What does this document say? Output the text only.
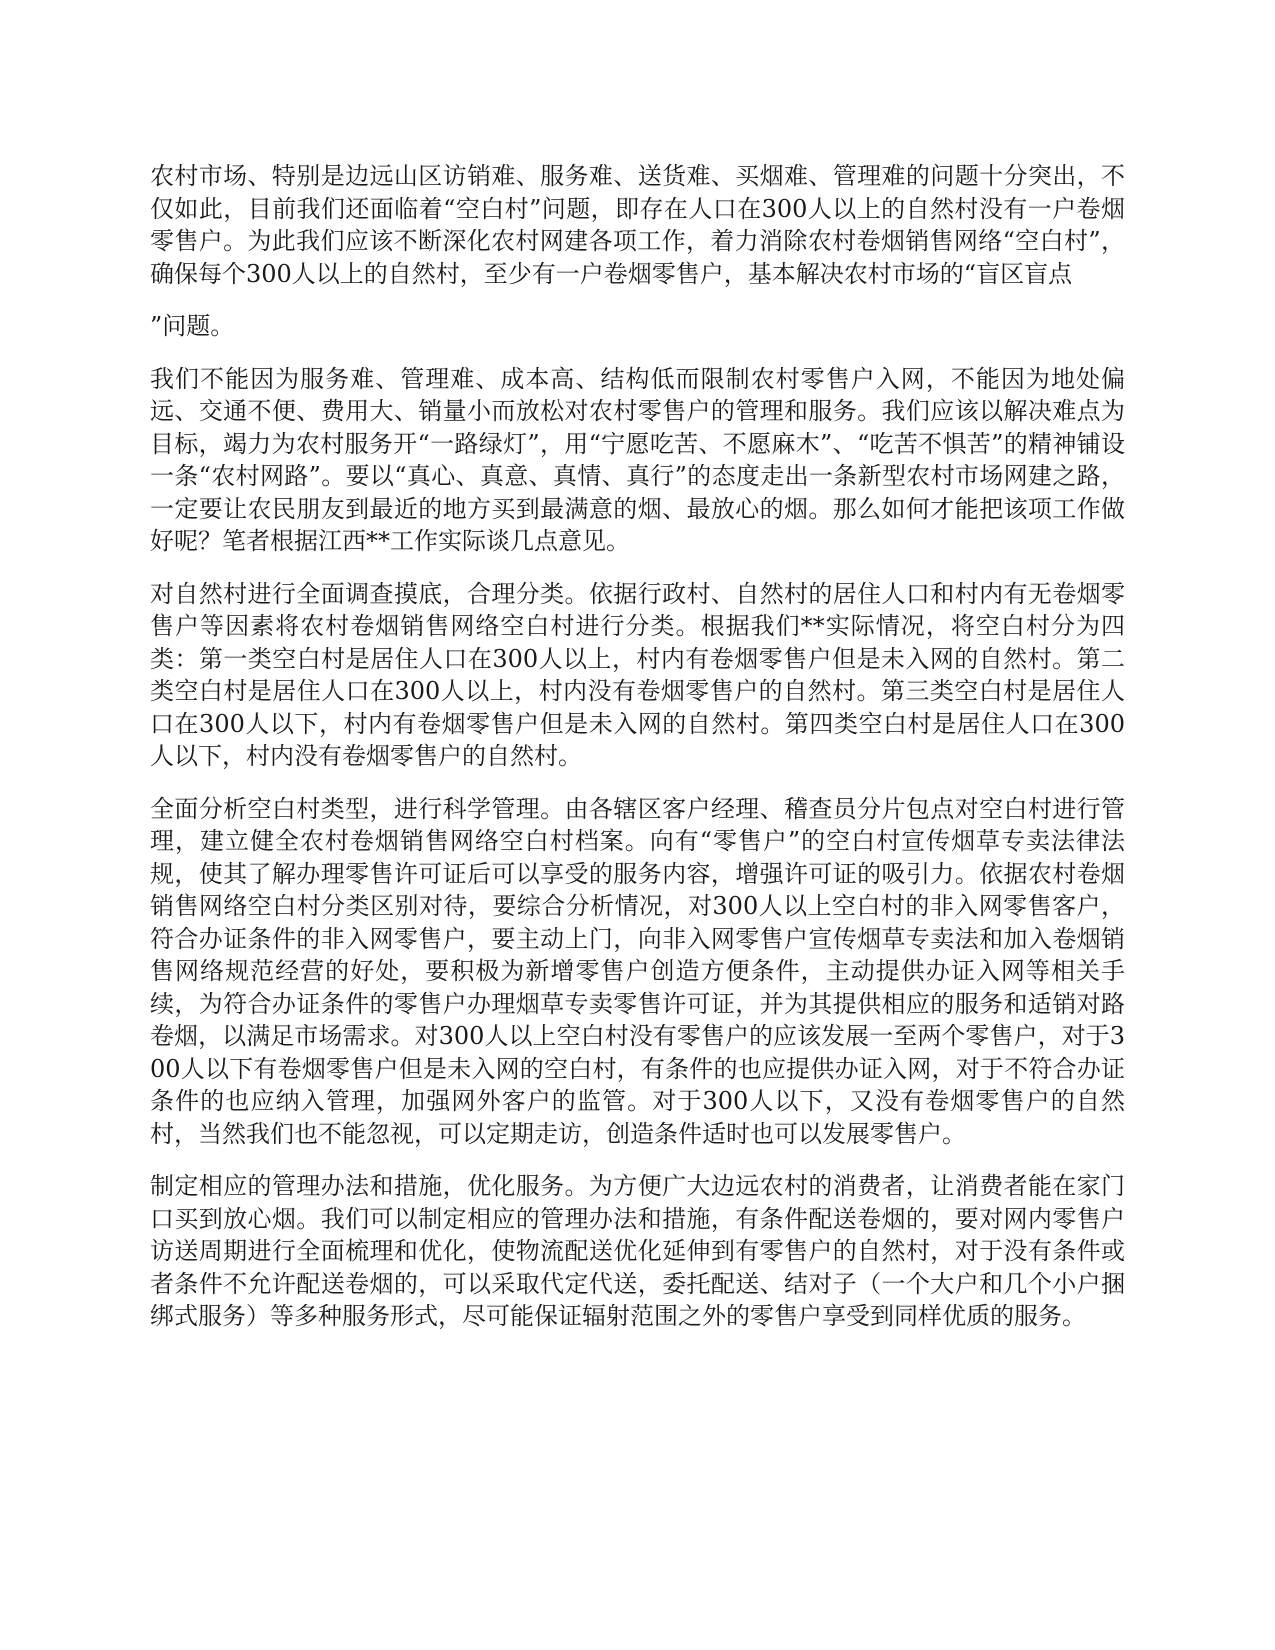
农村市场、特别是边远山区访销难、服务难、送货难、买烟难、管理难的问题十分突出，不仅如此，目前我们还面临着“空白村”问题，即存在人口在300人以上的自然村没有一户卷烟零售户。为此我们应该不断深化农村网建各项工作，着力消除农村卷烟销售网络“空白村”，确保每个300人以上的自然村，至少有一户卷烟零售户，基本解决农村市场的“盲区盲点

”问题。

我们不能因为服务难、管理难、成本高、结构低而限制农村零售户入网，不能因为地处偏远、交通不便、费用大、销量小而放松对农村零售户的管理和服务。我们应该以解决难点为目标，竭力为农村服务开“一路绿灯”，用“宁愿吃苦、不愿麻木”、“吃苦不惧苦”的精神铺设一条“农村网路”。要以“真心、真意、真情、真行”的态度走出一条新型农村市场网建之路，一定要让农民朋友到最近的地方买到最满意的烟、最放心的烟。那么如何才能把该项工作做好呢？笔者根据江西**工作实际谈几点意见。

对自然村进行全面调查摸底，合理分类。依据行政村、自然村的居住人口和村内有无卷烟零售户等因素将农村卷烟销售网络空白村进行分类。根据我们**实际情况，将空白村分为四类：第一类空白村是居住人口在300人以上，村内有卷烟零售户但是未入网的自然村。第二类空白村是居住人口在300人以上，村内没有卷烟零售户的自然村。第三类空白村是居住人口在300人以下，村内有卷烟零售户但是未入网的自然村。第四类空白村是居住人口在300人以下，村内没有卷烟零售户的自然村。

全面分析空白村类型，进行科学管理。由各辖区客户经理、稽查员分片包点对空白村进行管理，建立健全农村卷烟销售网络空白村档案。向有“零售户”的空白村宣传烟草专卖法律法规，使其了解办理零售许可证后可以享受的服务内容，增强许可证的吸引力。依据农村卷烟销售网络空白村分类区别对待，要综合分析情况，对300人以上空白村的非入网零售客户，符合办证条件的非入网零售户，要主动上门，向非入网零售户宣传烟草专卖法和加入卷烟销售网络规范经营的好处，要积极为新增零售户创造方便条件，主动提供办证入网等相关手续，为符合办证条件的零售户办理烟草专卖零售许可证，并为其提供相应的服务和适销对路卷烟，以满足市场需求。对300人以上空白村没有零售户的应该发展一至两个零售户，对于300人以下有卷烟零售户但是未入网的空白村，有条件的也应提供办证入网，对于不符合办证条件的也应纳入管理，加强网外客户的监管。对于300人以下，又没有卷烟零售户的自然村，当然我们也不能忽视，可以定期走访，创造条件适时也可以发展零售户。

制定相应的管理办法和措施，优化服务。为方便广大边远农村的消费者，让消费者能在家门口买到放心烟。我们可以制定相应的管理办法和措施，有条件配送卷烟的，要对网内零售户访送周期进行全面梳理和优化，使物流配送优化延伸到有零售户的自然村，对于没有条件或者条件不允许配送卷烟的，可以采取代定代送，委托配送、结对子（一个大户和几个小户捆绑式服务）等多种服务形式，尽可能保证辐射范围之外的零售户享受到同样优质的服务。
